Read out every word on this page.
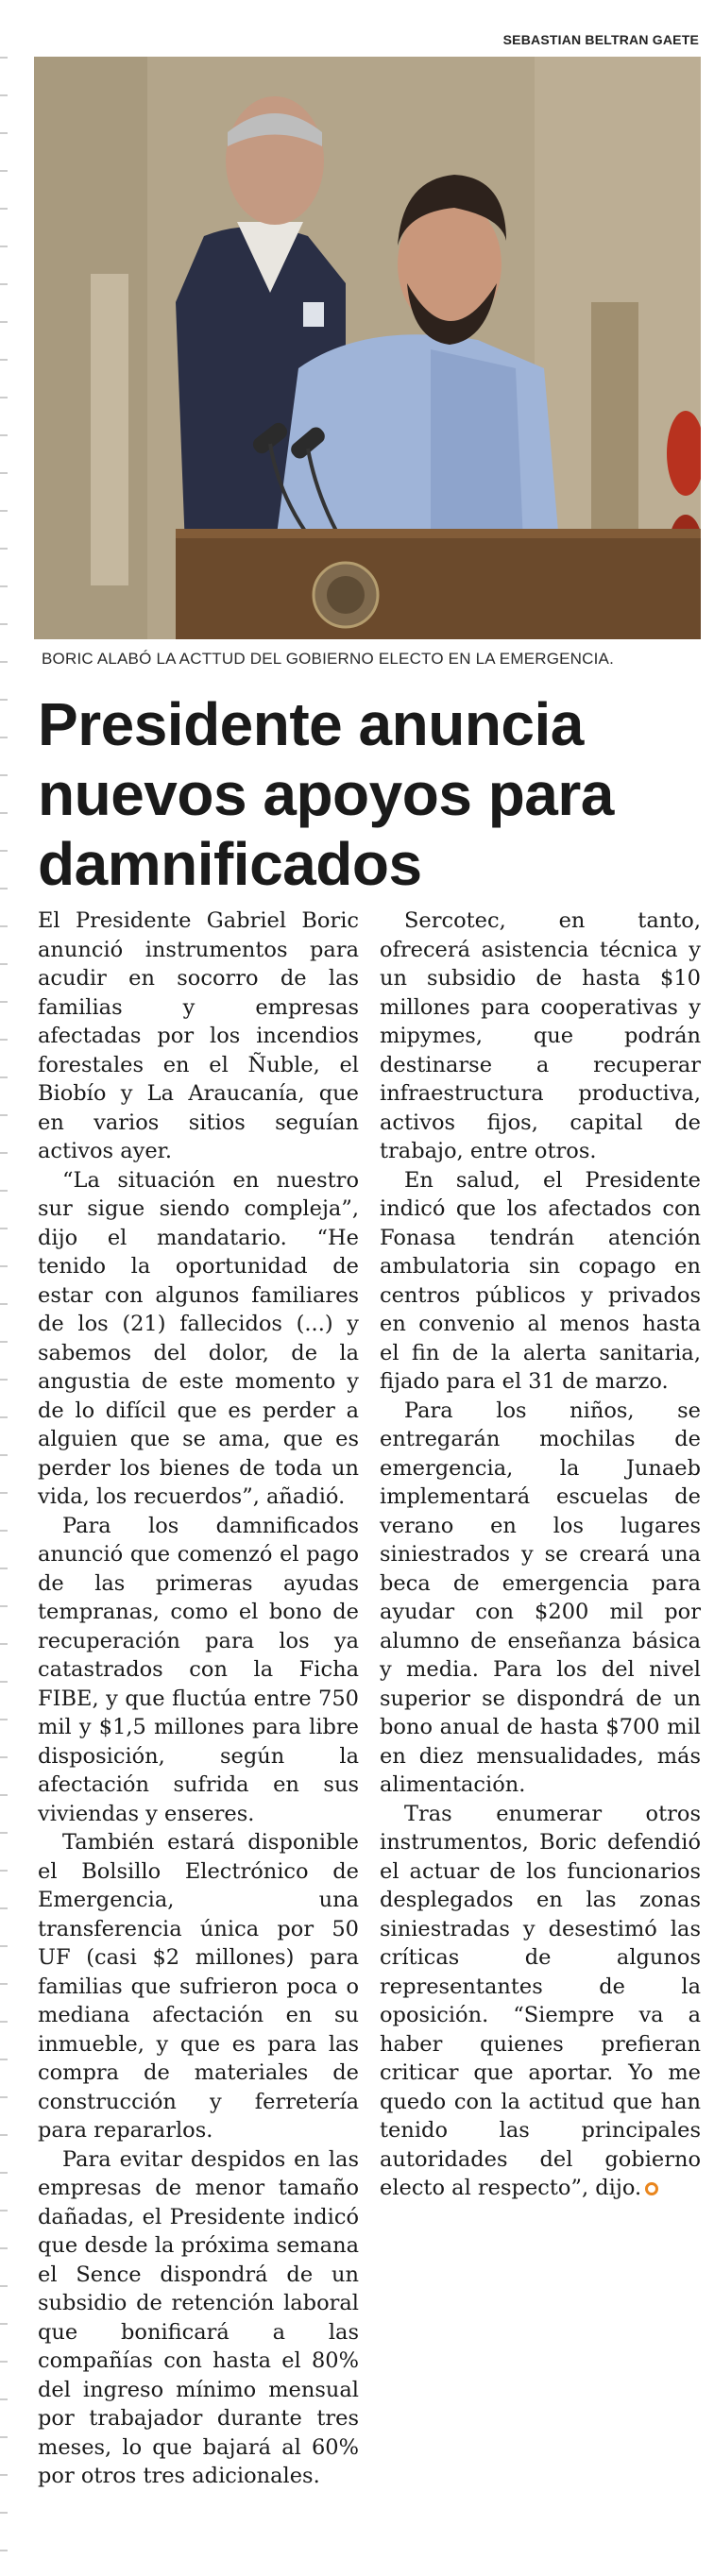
SEBASTIAN BELTRAN GAETE
BORIC ALABÓ LA ACTTUD DEL GOBIERNO ELECTO EN LA EMERGENCIA.
Presidente anuncia nuevos apoyos para damnificados

El Presidente Gabriel Boric anunció instrumentos para acudir en socorro de las familias y empresas afectadas por los incendios forestales en el Ñuble, el Biobío y La Araucanía, que en varios sitios seguían activos ayer.

“La situación en nuestro sur sigue siendo compleja”, dijo el mandatario. “He tenido la oportunidad de estar con algunos familiares de los (21) fallecidos (...) y sabemos del dolor, de la angustia de este momento y de lo difícil que es perder a alguien que se ama, que es perder los bienes de toda un vida, los recuerdos”, añadió.

Para los damnificados anunció que comenzó el pago de las primeras ayudas tempranas, como el bono de recuperación para los ya catastrados con la Ficha FIBE, y que fluctúa entre 750 mil y $1,5 millones para libre disposición, según la afectación sufrida en sus viviendas y enseres.

También estará disponible el Bolsillo Electrónico de Emergencia, una transferencia única por 50 UF (casi $2 millones) para familias que sufrieron poca o mediana afectación en su inmueble, y que es para las compra de materiales de construcción y ferretería para repararlos.

Para evitar despidos en las empresas de menor tamaño dañadas, el Presidente indicó que desde la próxima semana el Sence dispondrá de un subsidio de retención laboral que bonificará a las compañías con hasta el 80% del ingreso mínimo mensual por trabajador durante tres meses, lo que bajará al 60% por otros tres adicionales.

Sercotec, en tanto, ofrecerá asistencia técnica y un subsidio de hasta $10 millones para cooperativas y mipymes, que podrán destinarse a recuperar infraestructura productiva, activos fijos, capital de trabajo, entre otros.

En salud, el Presidente indicó que los afectados con Fonasa tendrán atención ambulatoria sin copago en centros públicos y privados en convenio al menos hasta el fin de la alerta sanitaria, fijado para el 31 de marzo.

Para los niños, se entregarán mochilas de emergencia, la Junaeb implementará escuelas de verano en los lugares siniestrados y se creará una beca de emergencia para ayudar con $200 mil por alumno de enseñanza básica y media. Para los del nivel superior se dispondrá de un bono anual de hasta $700 mil en diez mensualidades, más alimentación.

Tras enumerar otros instrumentos, Boric defendió el actuar de los funcionarios desplegados en las zonas siniestradas y desestimó las críticas de algunos representantes de la oposición. “Siempre va a haber quienes prefieran criticar que aportar. Yo me quedo con la actitud que han tenido las principales autoridades del gobierno electo al respecto”, dijo.
